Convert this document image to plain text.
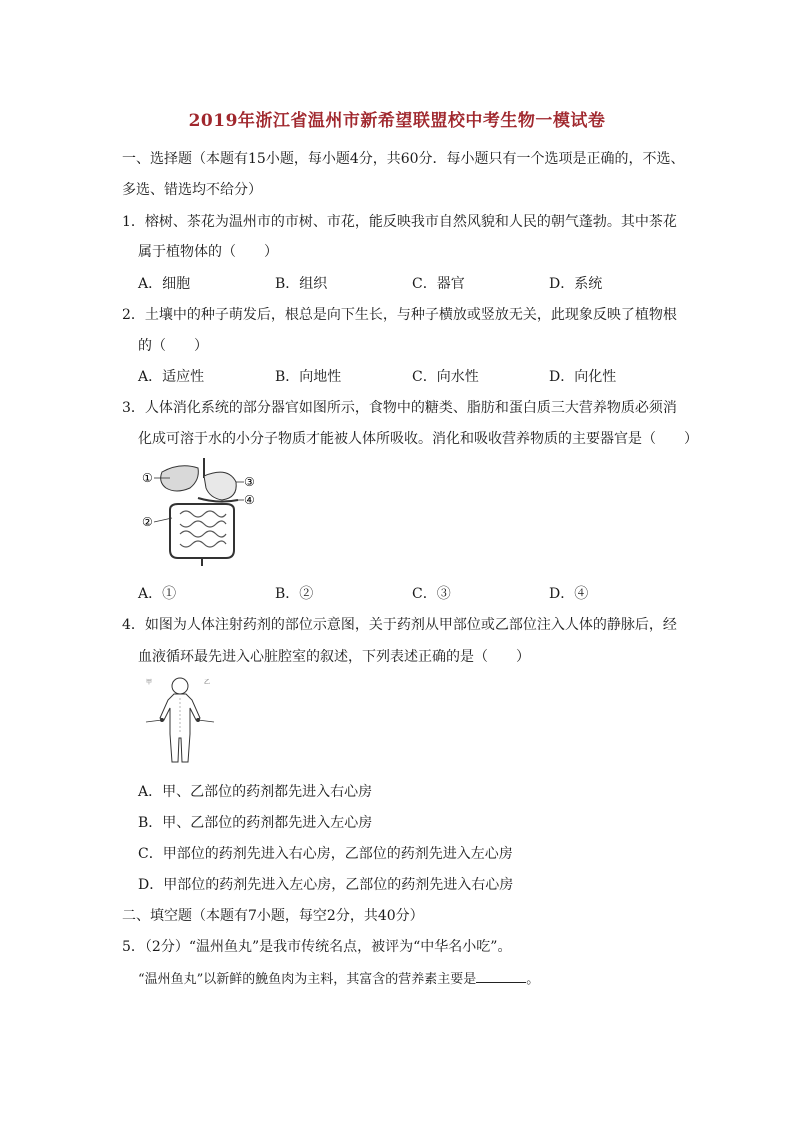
2019年浙江省温州市新希望联盟校中考生物一模试卷
一、选择题（本题有15小题，每小题4分，共60分．每小题只有一个选项是正确的，不选、
多选、错选均不给分）
1．榕树、茶花为温州市的市树、市花，能反映我市自然风貌和人民的朝气蓬勃。其中茶花
属于植物体的（　　）
A．细胞	B．组织	C．器官	D．系统
2．土壤中的种子萌发后，根总是向下生长，与种子横放或竖放无关，此现象反映了植物根
的（　　）
A．适应性	B．向地性	C．向水性	D．向化性
3．人体消化系统的部分器官如图所示，食物中的糖类、脂肪和蛋白质三大营养物质必须消
化成可溶于水的小分子物质才能被人体所吸收。消化和吸收营养物质的主要器官是（　　）
①
②
③
④
A．①	B．②	C．③	D．④
4．如图为人体注射药剂的部位示意图，关于药剂从甲部位或乙部位注入人体的静脉后，经
血液循环最先进入心脏腔室的叙述，下列表述正确的是（　　）
甲	乙
A．甲、乙部位的药剂都先进入右心房
B．甲、乙部位的药剂都先进入左心房
C．甲部位的药剂先进入右心房，乙部位的药剂先进入左心房
D．甲部位的药剂先进入左心房，乙部位的药剂先进入右心房
二、填空题（本题有7小题，每空2分，共40分）
5．（2分）“温州鱼丸”是我市传统名点，被评为“中华名小吃”。
“温州鱼丸”以新鲜的鮸鱼肉为主料，其富含的营养素主要是	。
